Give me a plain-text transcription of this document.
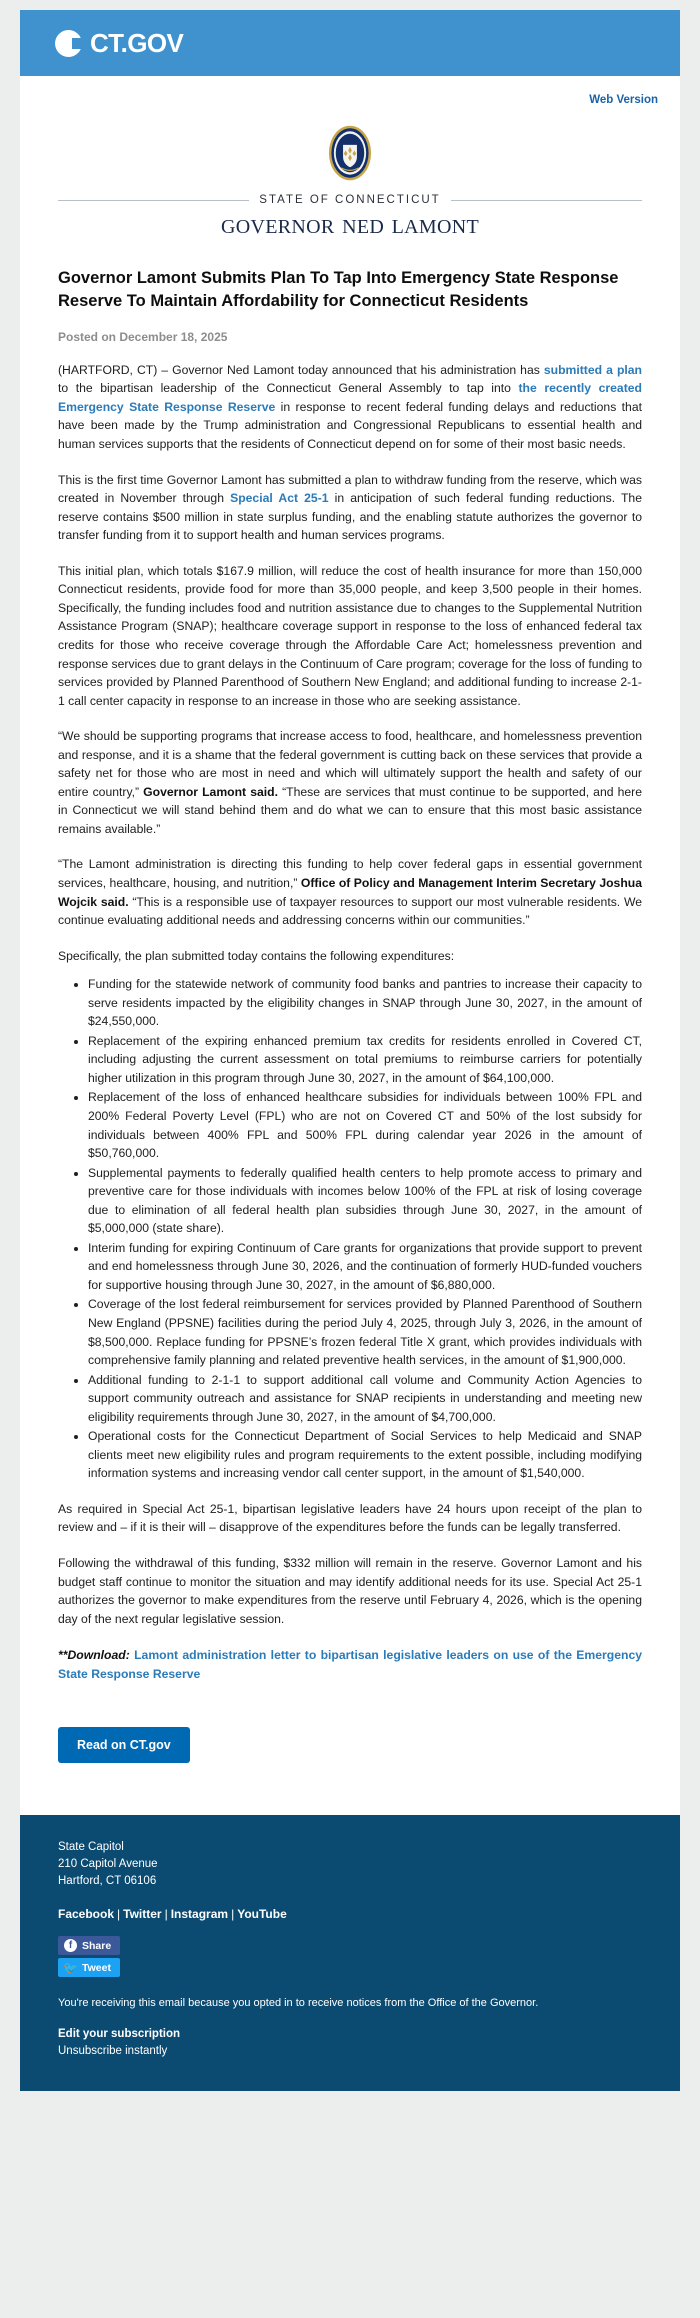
CT.GOV
Web Version
STATE OF CONNECTICUT
governor ned lamont
Governor Lamont Submits Plan To Tap Into Emergency State Response Reserve To Maintain Affordability for Connecticut Residents
Posted on December 18, 2025

(HARTFORD, CT) – Governor Ned Lamont today announced that his administration has submitted a plan to the bipartisan leadership of the Connecticut General Assembly to tap into the recently created Emergency State Response Reserve in response to recent federal funding delays and reductions that have been made by the Trump administration and Congressional Republicans to essential health and human services supports that the residents of Connecticut depend on for some of their most basic needs.

This is the first time Governor Lamont has submitted a plan to withdraw funding from the reserve, which was created in November through Special Act 25-1 in anticipation of such federal funding reductions. The reserve contains $500 million in state surplus funding, and the enabling statute authorizes the governor to transfer funding from it to support health and human services programs.

This initial plan, which totals $167.9 million, will reduce the cost of health insurance for more than 150,000 Connecticut residents, provide food for more than 35,000 people, and keep 3,500 people in their homes. Specifically, the funding includes food and nutrition assistance due to changes to the Supplemental Nutrition Assistance Program (SNAP); healthcare coverage support in response to the loss of enhanced federal tax credits for those who receive coverage through the Affordable Care Act; homelessness prevention and response services due to grant delays in the Continuum of Care program; coverage for the loss of funding to services provided by Planned Parenthood of Southern New England; and additional funding to increase 2-1-1 call center capacity in response to an increase in those who are seeking assistance.

“We should be supporting programs that increase access to food, healthcare, and homelessness prevention and response, and it is a shame that the federal government is cutting back on these services that provide a safety net for those who are most in need and which will ultimately support the health and safety of our entire country,” Governor Lamont said. “These are services that must continue to be supported, and here in Connecticut we will stand behind them and do what we can to ensure that this most basic assistance remains available.”

“The Lamont administration is directing this funding to help cover federal gaps in essential government services, healthcare, housing, and nutrition,” Office of Policy and Management Interim Secretary Joshua Wojcik said. “This is a responsible use of taxpayer resources to support our most vulnerable residents. We continue evaluating additional needs and addressing concerns within our communities.”

Specifically, the plan submitted today contains the following expenditures:

• Funding for the statewide network of community food banks and pantries to increase their capacity to serve residents impacted by the eligibility changes in SNAP through June 30, 2027, in the amount of $24,550,000.
• Replacement of the expiring enhanced premium tax credits for residents enrolled in Covered CT, including adjusting the current assessment on total premiums to reimburse carriers for potentially higher utilization in this program through June 30, 2027, in the amount of $64,100,000.
• Replacement of the loss of enhanced healthcare subsidies for individuals between 100% FPL and 200% Federal Poverty Level (FPL) who are not on Covered CT and 50% of the lost subsidy for individuals between 400% FPL and 500% FPL during calendar year 2026 in the amount of $50,760,000.
• Supplemental payments to federally qualified health centers to help promote access to primary and preventive care for those individuals with incomes below 100% of the FPL at risk of losing coverage due to elimination of all federal health plan subsidies through June 30, 2027, in the amount of $5,000,000 (state share).
• Interim funding for expiring Continuum of Care grants for organizations that provide support to prevent and end homelessness through June 30, 2026, and the continuation of formerly HUD-funded vouchers for supportive housing through June 30, 2027, in the amount of $6,880,000.
• Coverage of the lost federal reimbursement for services provided by Planned Parenthood of Southern New England (PPSNE) facilities during the period July 4, 2025, through July 3, 2026, in the amount of $8,500,000. Replace funding for PPSNE’s frozen federal Title X grant, which provides individuals with comprehensive family planning and related preventive health services, in the amount of $1,900,000.
• Additional funding to 2-1-1 to support additional call volume and Community Action Agencies to support community outreach and assistance for SNAP recipients in understanding and meeting new eligibility requirements through June 30, 2027, in the amount of $4,700,000.
• Operational costs for the Connecticut Department of Social Services to help Medicaid and SNAP clients meet new eligibility rules and program requirements to the extent possible, including modifying information systems and increasing vendor call center support, in the amount of $1,540,000.

As required in Special Act 25-1, bipartisan legislative leaders have 24 hours upon receipt of the plan to review and – if it is their will – disapprove of the expenditures before the funds can be legally transferred.

Following the withdrawal of this funding, $332 million will remain in the reserve. Governor Lamont and his budget staff continue to monitor the situation and may identify additional needs for its use. Special Act 25-1 authorizes the governor to make expenditures from the reserve until February 4, 2026, which is the opening day of the next regular legislative session.

**Download: Lamont administration letter to bipartisan legislative leaders on use of the Emergency State Response Reserve
Read on CT.gov
State Capitol
210 Capitol Avenue
Hartford, CT 06106
Facebook | Twitter | Instagram | YouTube
f Share

🐦 Tweet
You're receiving this email because you opted in to receive notices from the Office of the Governor.
Edit your subscription
Unsubscribe instantly
